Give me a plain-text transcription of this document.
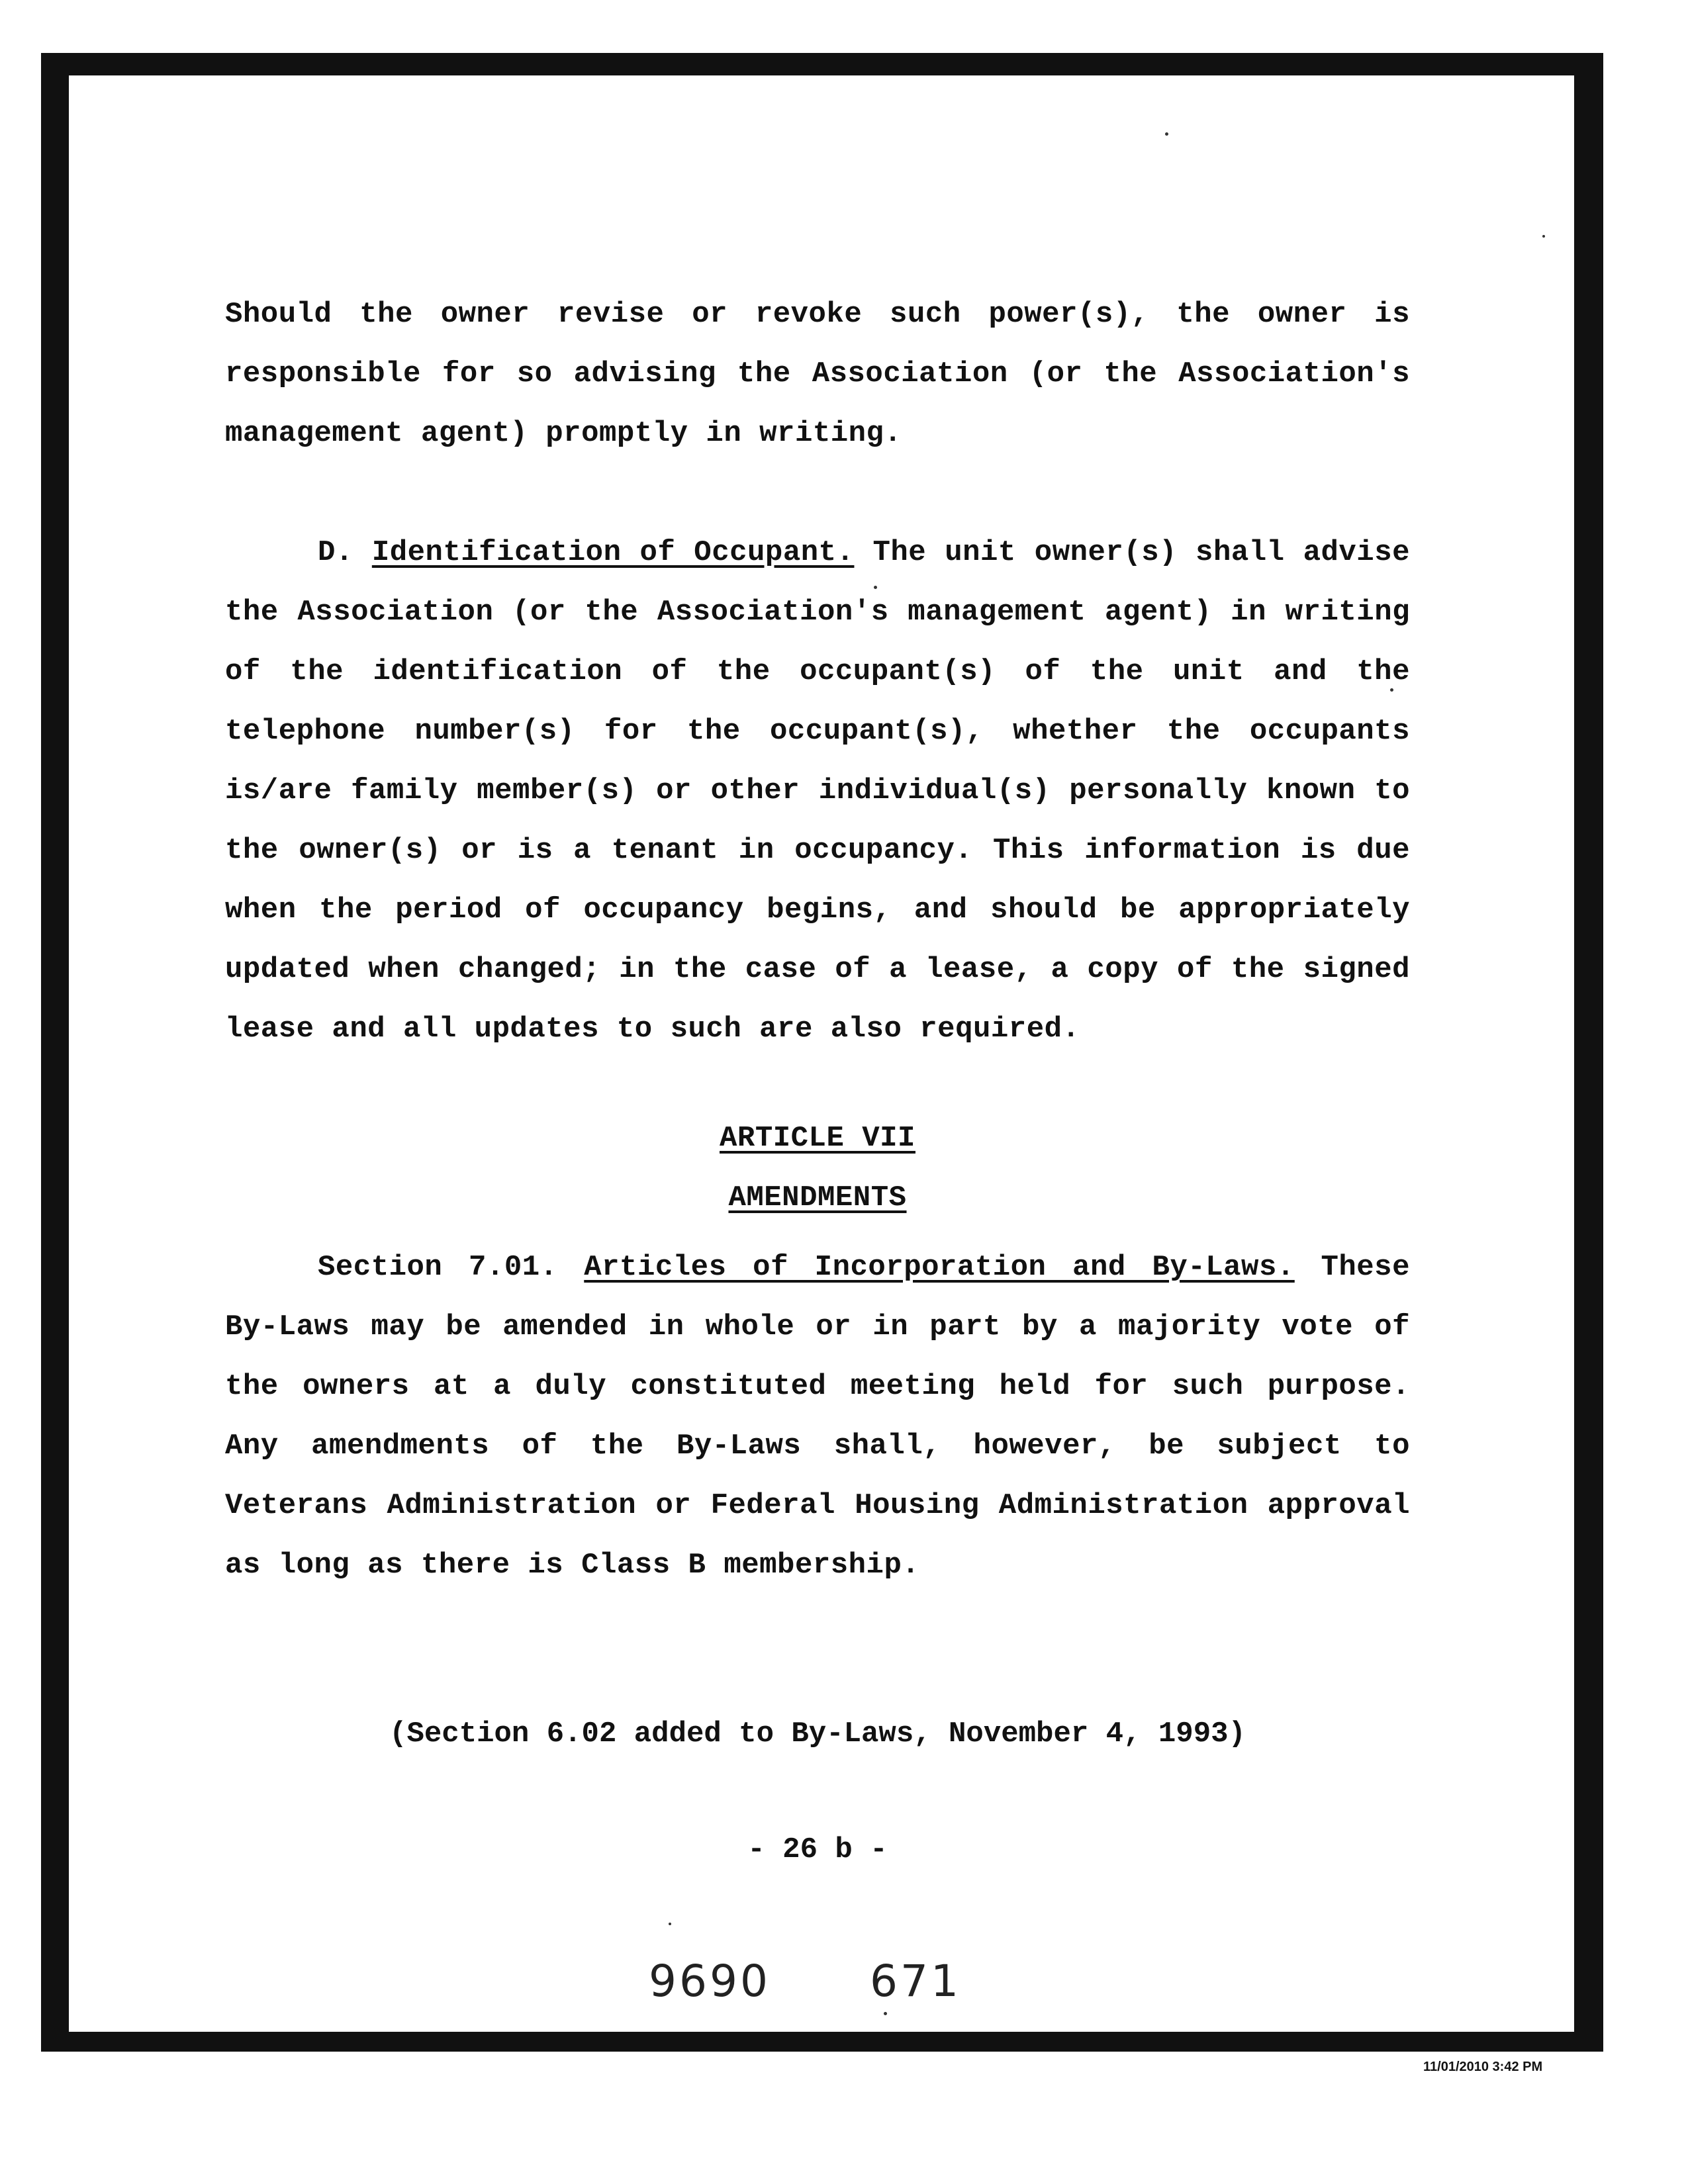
Should the owner revise or revoke such power(s), the owner is responsible for so advising the Association (or the Association's management agent) promptly in writing.
D. Identification of Occupant. The unit owner(s) shall advise the Association (or the Association's management agent) in writing of the identification of the occupant(s) of the unit and the telephone number(s) for the occupant(s), whether the occupants is/are family member(s) or other individual(s) personally known to the owner(s) or is a tenant in occupancy. This information is due when the period of occupancy begins, and should be appropriately updated when changed; in the case of a lease, a copy of the signed lease and all updates to such are also required.
ARTICLE VII
AMENDMENTS
Section 7.01. Articles of Incorporation and By-Laws. These By-Laws may be amended in whole or in part by a majority vote of the owners at a duly constituted meeting held for such purpose. Any amendments of the By-Laws shall, however, be subject to Veterans Administration or Federal Housing Administration approval as long as there is Class B membership.
(Section 6.02 added to By-Laws, November 4, 1993)
- 26 b -
9690 671
11/01/2010 3:42 PM
